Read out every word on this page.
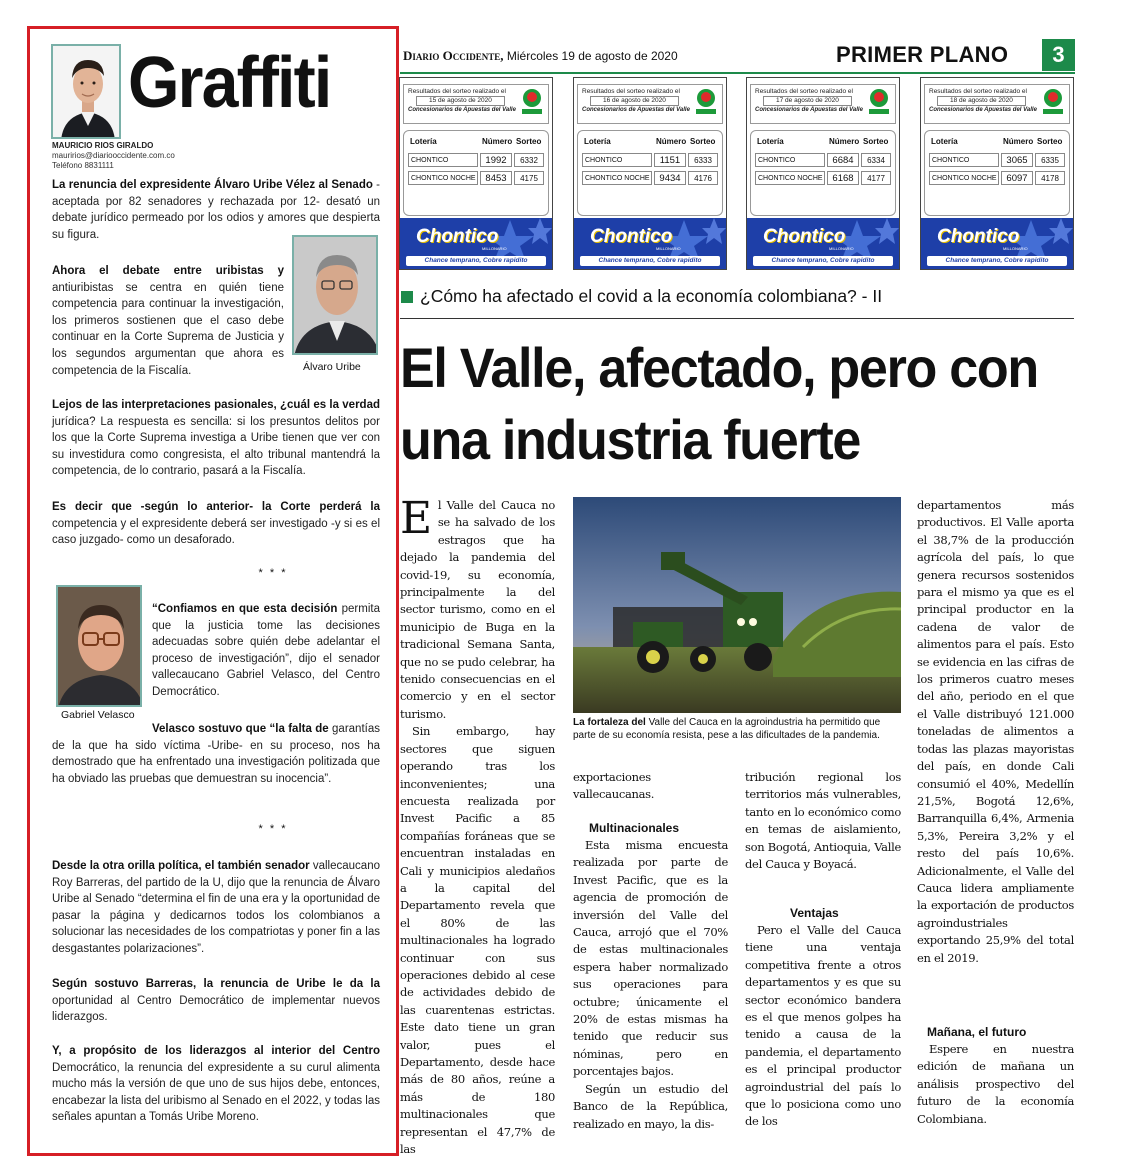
Graffiti
MAURICIO RIOS GIRALDO
mauririos@diariooccidente.com.co
Teléfono 8831111
La renuncia del expresidente Álvaro Uribe Vélez al Senado - aceptada por 82 senadores y rechazada por 12- desató un debate jurídico permeado por los odios y amores que despierta su figura.
Álvaro Uribe
Ahora el debate entre uribistas y antiuribistas se centra en quién tiene competencia para continuar la investigación, los primeros sostienen que el caso debe continuar en la Corte Suprema de Justicia y los segundos argumentan que ahora es competencia de la Fiscalía.
Lejos de las interpretaciones pasionales, ¿cuál es la verdad jurídica? La respuesta es sencilla: si los presuntos delitos por los que la Corte Suprema investiga a Uribe tienen que ver con su investidura como congresista, el alto tribunal mantendrá la competencia, de lo contrario, pasará a la Fiscalía.
Es decir que -según lo anterior- la Corte perderá la competencia y el expresidente deberá ser investigado -y si es el caso juzgado- como un desaforado.
* * *
Gabriel Velasco
“Confiamos en que esta decisión permita que la justicia tome las decisiones adecuadas sobre quién debe adelantar el proceso de investigación”, dijo el senador vallecaucano Gabriel Velasco, del Centro Democrático.
Velasco sostuvo que “la falta de garantías de la que ha sido víctima -Uribe- en su proceso, nos ha demostrado que ha enfrentado una investigación politizada que ha obviado las pruebas que demuestran su inocencia”.
* * *
Desde la otra orilla política, el también senador vallecaucano Roy Barreras, del partido de la U, dijo que la renuncia de Álvaro Uribe al Senado “determina el fin de una era y la oportunidad de pasar la página y dedicarnos todos los colombianos a solucionar las necesidades de los compatriotas y poner fin a las desgastantes polarizaciones”.
Según sostuvo Barreras, la renuncia de Uribe le da la oportunidad al Centro Democrático de implementar nuevos liderazgos.
Y, a propósito de los liderazgos al interior del Centro Democrático, la renuncia del expresidente a su curul alimenta mucho más la versión de que uno de sus hijos debe, entonces, encabezar la lista del uribismo al Senado en el 2022, y todas las señales apuntan a Tomás Uribe Moreno.
Diario Occidente, Miércoles 19 de agosto de 2020	PRIMER PLANO	3
Resultados del sorteo realizado el
15 de agosto de 2020
Concesionarios de Apuestas del Valle
Lotería	Número Sorteo
CHONTICO	1992	6332
CHONTICO NOCHE	8453	4175
Chontico
MILLONARIO
Chance temprano, Cobre rapidito
Resultados del sorteo realizado el
16 de agosto de 2020
Concesionarios de Apuestas del Valle
Lotería	Número Sorteo
CHONTICO	1151	6333
CHONTICO NOCHE	9434	4176
Chontico
MILLONARIO
Chance temprano, Cobre rapidito
Resultados del sorteo realizado el
17 de agosto de 2020
Concesionarios de Apuestas del Valle
Lotería	Número Sorteo
CHONTICO	6684	6334
CHONTICO NOCHE	6168	4177
Chontico
MILLONARIO
Chance temprano, Cobre rapidito
Resultados del sorteo realizado el
18 de agosto de 2020
Concesionarios de Apuestas del Valle
Lotería	Número Sorteo
CHONTICO	3065	6335
CHONTICO NOCHE	6097	4178
Chontico
MILLONARIO
Chance temprano, Cobre rapidito
¿Cómo ha afectado el covid a la economía colombiana? - II
El Valle, afectado, pero con una industria fuerte
E l Valle del Cauca no se ha salvado de los estragos que ha dejado la pandemia del covid-19, su economía, principalmente la del sector turismo, como en el municipio de Buga en la tradicional Semana Santa, que no se pudo celebrar, ha tenido consecuencias en el comercio y en el sector turismo.

Sin embargo, hay sectores que siguen operando tras los inconvenientes; una encuesta realizada por Invest Pacific a 85 compañías foráneas que se encuentran instaladas en Cali y municipios aledaños a la capital del Departamento revela que el 80% de las multinacionales ha logrado continuar con sus operaciones debido al cese de actividades debido de las cuarentenas estrictas. Este dato tiene un gran valor, pues el Departamento, desde hace más de 80 años, reúne a más de 180 multinacionales que representan el 47,7% de las

La fortaleza del Valle del Cauca en la agroindustria ha permitido que parte de su economía resista, pese a las dificultades de la pandemia.
exportaciones vallecaucanas.
Multinacionales

Esta misma encuesta realizada por parte de Invest Pacific, que es la agencia de promoción de inversión del Valle del Cauca, arrojó que el 70% de estas multinacionales espera haber normalizado sus operaciones para octubre; únicamente el 20% de estas mismas ha tenido que reducir sus nóminas, pero en porcentajes bajos.

Según un estudio del Banco de la República, realizado en mayo, la dis-

tribución regional los territorios más vulnerables, tanto en lo económico como en temas de aislamiento, son Bogotá, Antioquia, Valle del Cauca y Boyacá.
Ventajas

Pero el Valle del Cauca tiene una ventaja competitiva frente a otros departamentos y es que su sector económico bandera es el que menos golpes ha tenido a causa de la pandemia, el departamento es el principal productor agroindustrial del país lo que lo posiciona como uno de los

departamentos más productivos. El Valle aporta el 38,7% de la producción agrícola del país, lo que genera recursos sostenidos para el mismo ya que es el principal productor en la cadena de valor de alimentos para el país. Esto se evidencia en las cifras de los primeros cuatro meses del año, periodo en el que el Valle distribuyó 121.000 toneladas de alimentos a todas las plazas mayoristas del país, en donde Cali consumió el 40%, Medellín 21,5%, Bogotá 12,6%, Barranquilla 6,4%, Armenia 5,3%, Pereira 3,2% y el resto del país 10,6%. Adicionalmente, el Valle del Cauca lidera ampliamente la exportación de productos agroindustriales exportando 25,9% del total en el 2019.
Mañana, el futuro

Espere en nuestra edición de mañana un análisis prospectivo del futuro de la economía Colombiana.
